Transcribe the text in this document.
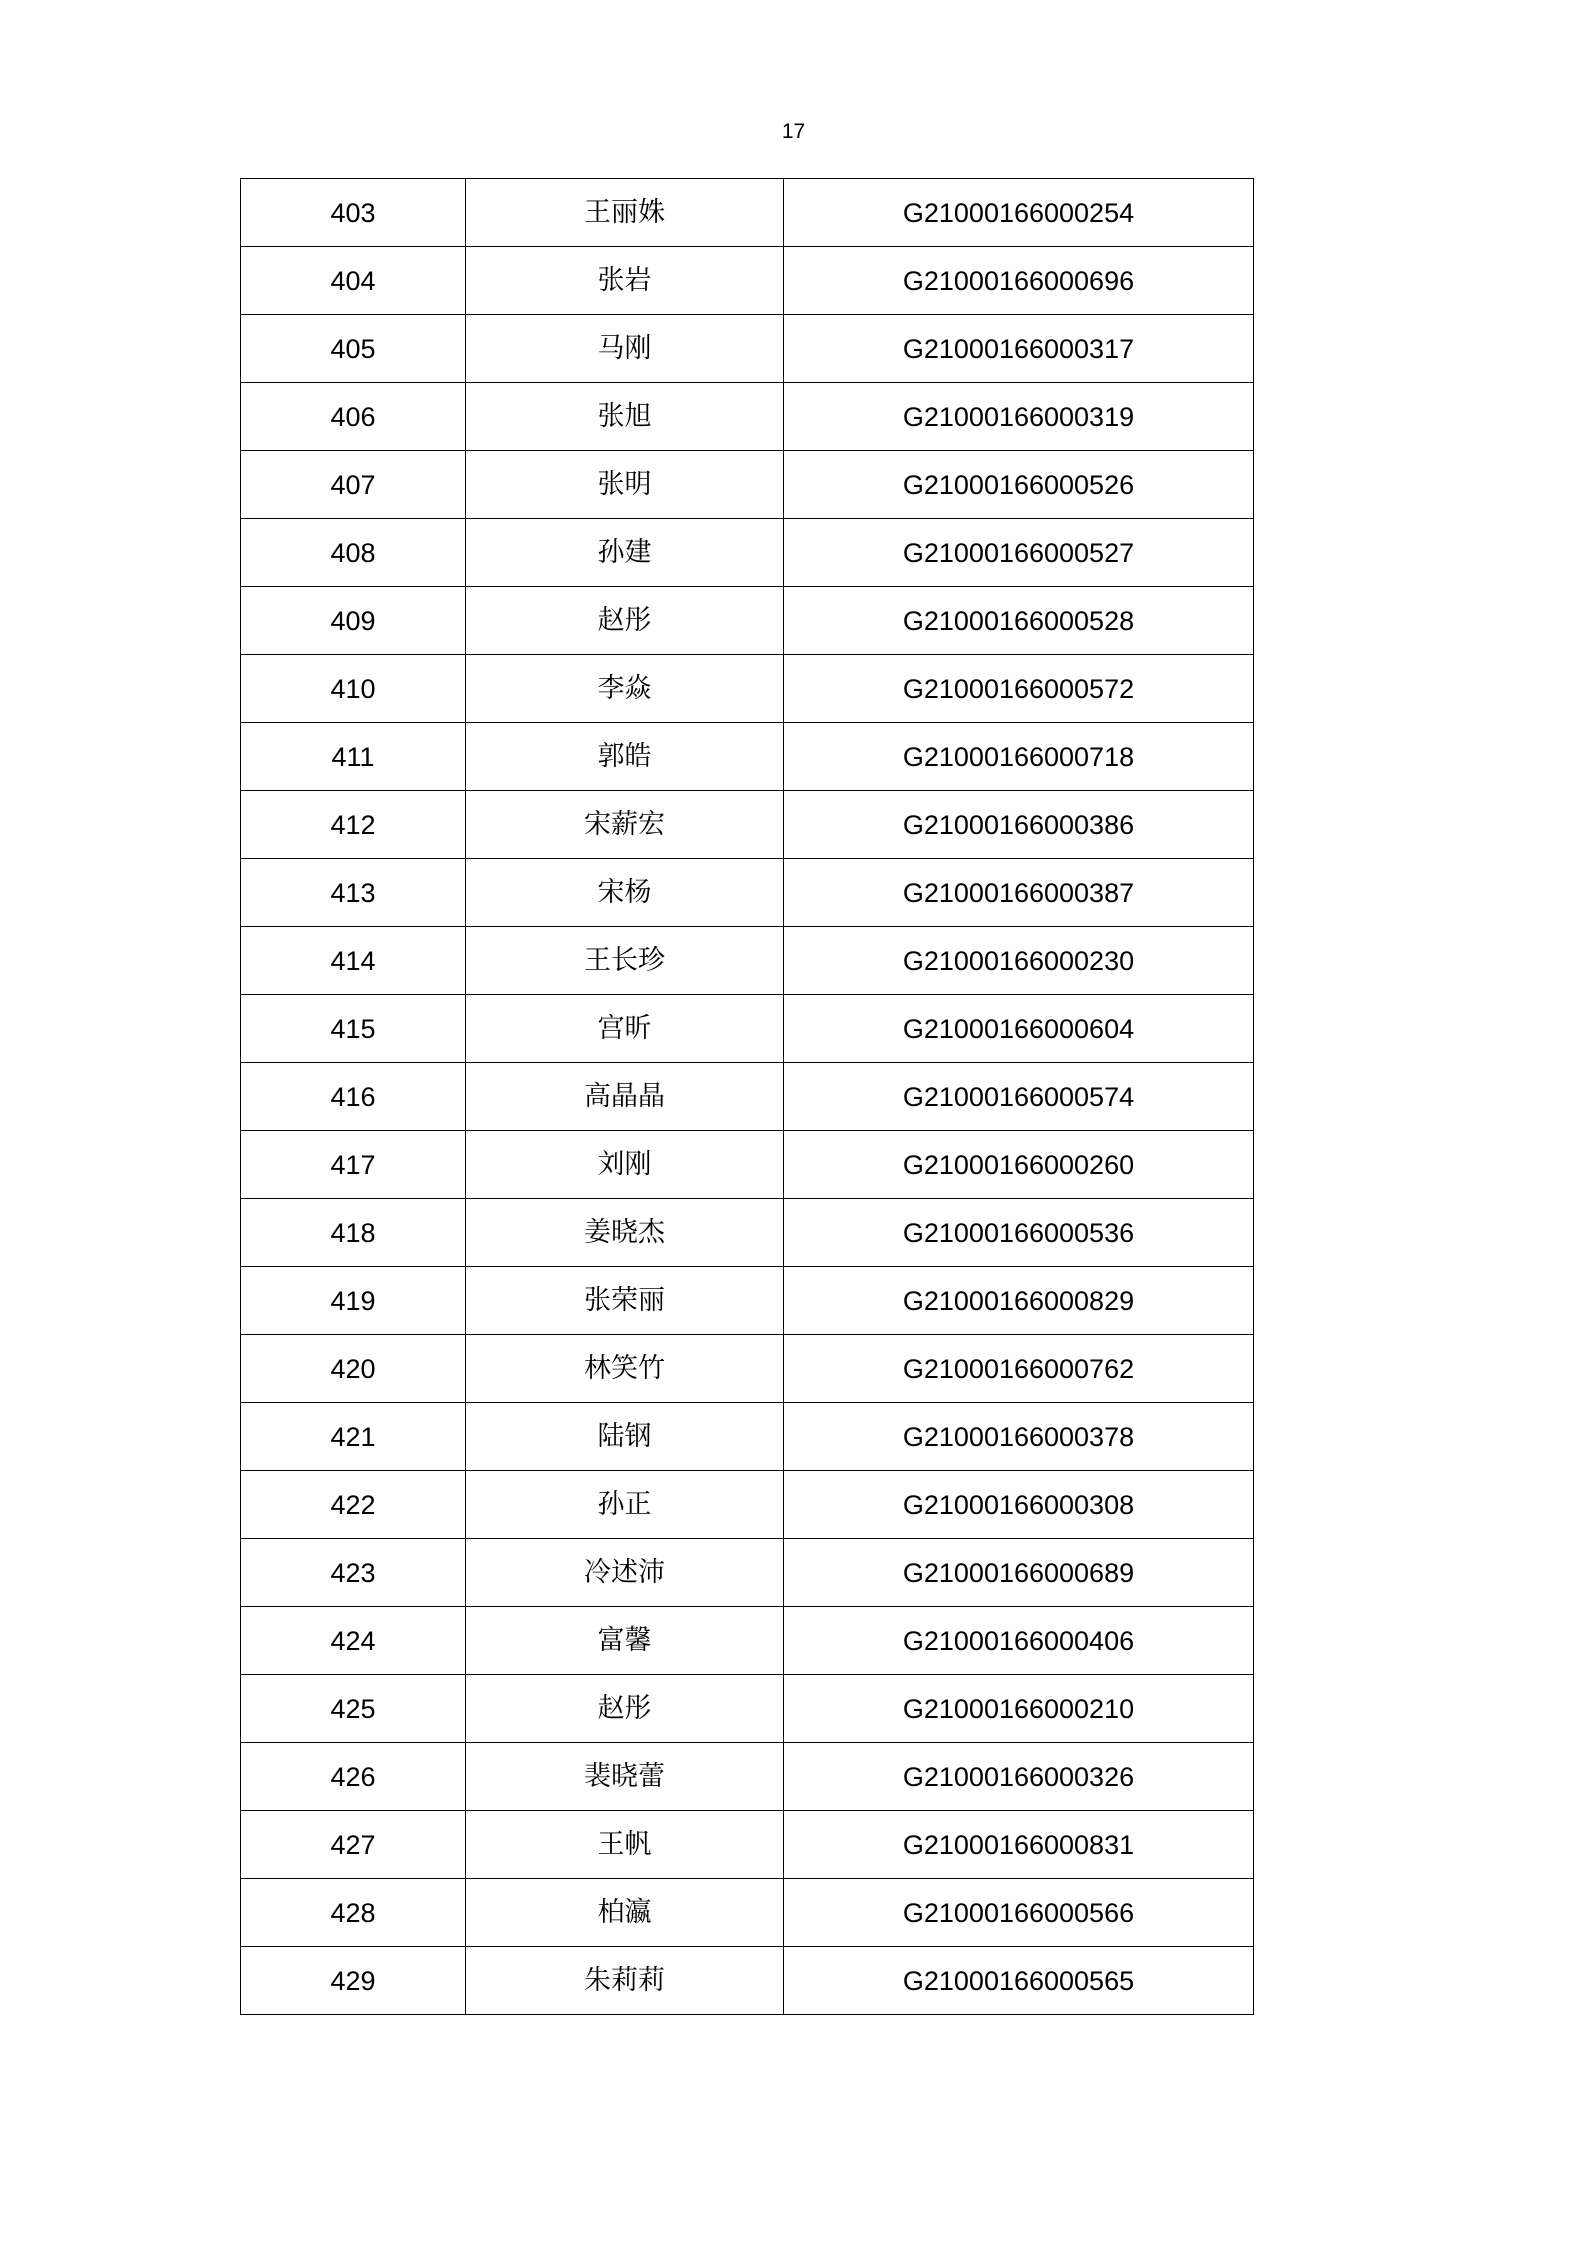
17
403	王丽姝	G21000166000254
404	张岩	G21000166000696
405	马刚	G21000166000317
406	张旭	G21000166000319
407	张明	G21000166000526
408	孙建	G21000166000527
409	赵彤	G21000166000528
410	李焱	G21000166000572
411	郭皓	G21000166000718
412	宋薪宏	G21000166000386
413	宋杨	G21000166000387
414	王长珍	G21000166000230
415	宫昕	G21000166000604
416	高晶晶	G21000166000574
417	刘刚	G21000166000260
418	姜晓杰	G21000166000536
419	张荣丽	G21000166000829
420	林笑竹	G21000166000762
421	陆钢	G21000166000378
422	孙正	G21000166000308
423	冷述沛	G21000166000689
424	富馨	G21000166000406
425	赵彤	G21000166000210
426	裴晓蕾	G21000166000326
427	王帆	G21000166000831
428	柏瀛	G21000166000566
429	朱莉莉	G21000166000565
